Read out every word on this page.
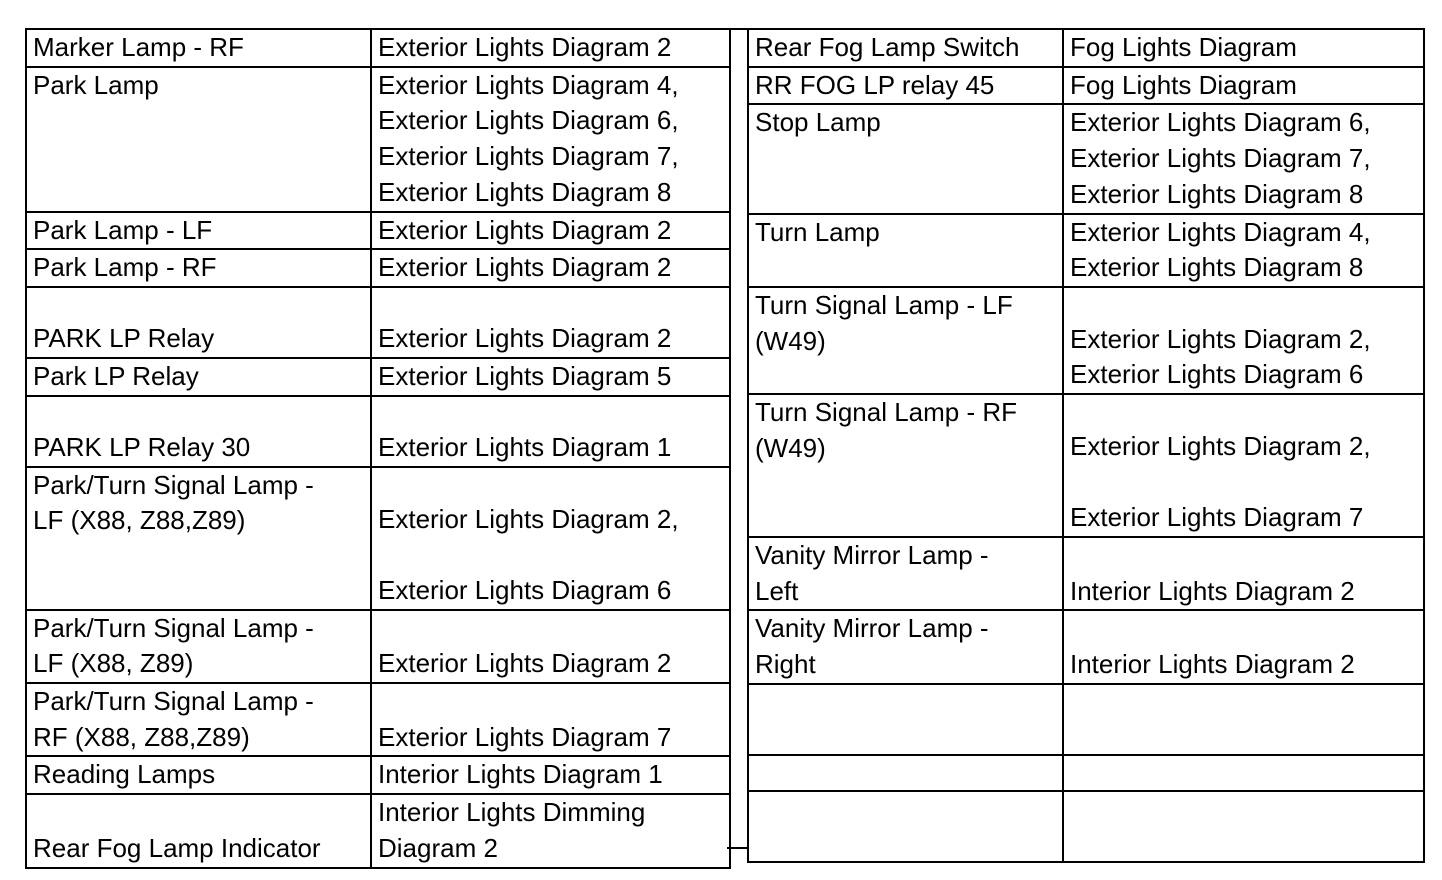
Marker Lamp - RF	Exterior Lights Diagram 2
Park Lamp	Exterior Lights Diagram 4,
Exterior Lights Diagram 6,
Exterior Lights Diagram 7,
Exterior Lights Diagram 8
Park Lamp - LF	Exterior Lights Diagram 2
Park Lamp - RF	Exterior Lights Diagram 2
PARK LP Relay	Exterior Lights Diagram 2
Park LP Relay	Exterior Lights Diagram 5
PARK LP Relay 30	Exterior Lights Diagram 1
Park/Turn Signal Lamp -
LF (X88, Z88,Z89)	Exterior Lights Diagram 2,

Exterior Lights Diagram 6
Park/Turn Signal Lamp -
LF (X88, Z89)	Exterior Lights Diagram 2
Park/Turn Signal Lamp -
RF (X88, Z88,Z89)	Exterior Lights Diagram 7
Reading Lamps	Interior Lights Diagram 1
Rear Fog Lamp Indicator	Interior Lights Dimming
Diagram 2
Rear Fog Lamp Switch	Fog Lights Diagram
RR FOG LP relay 45	Fog Lights Diagram
Stop Lamp	Exterior Lights Diagram 6,
Exterior Lights Diagram 7,
Exterior Lights Diagram 8
Turn Lamp	Exterior Lights Diagram 4,
Exterior Lights Diagram 8
Turn Signal Lamp - LF
(W49)	Exterior Lights Diagram 2,
Exterior Lights Diagram 6
Turn Signal Lamp - RF
(W49)	Exterior Lights Diagram 2,

Exterior Lights Diagram 7
Vanity Mirror Lamp -
Left	Interior Lights Diagram 2
Vanity Mirror Lamp -
Right	Interior Lights Diagram 2
